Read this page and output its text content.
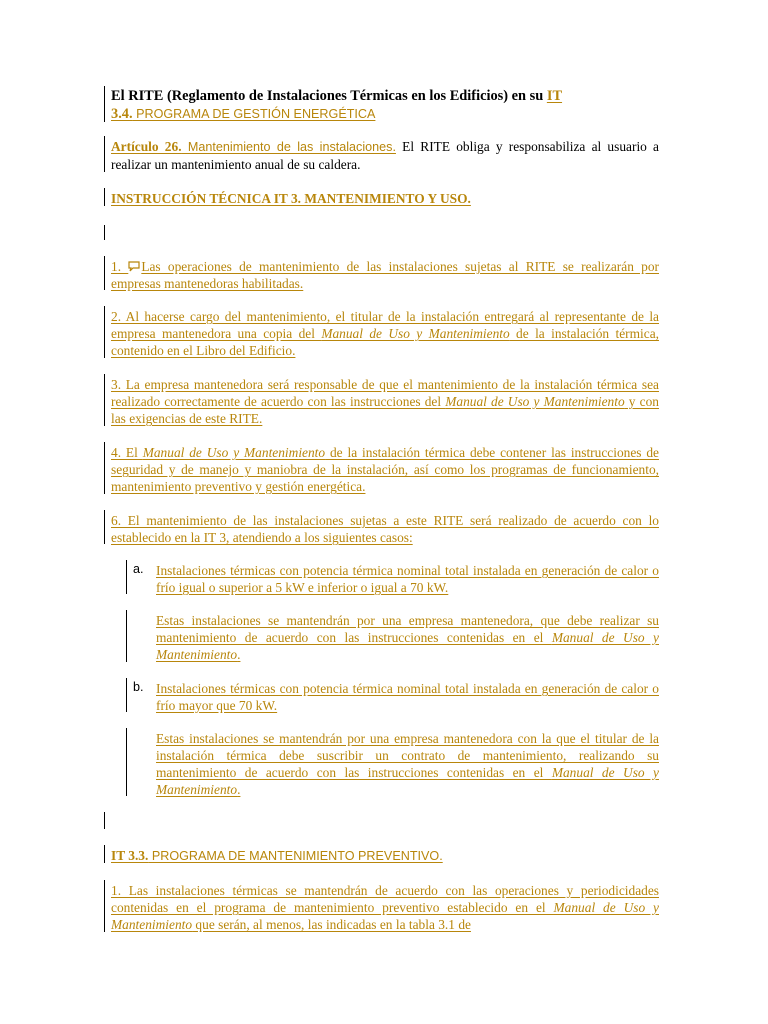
El RITE (Reglamento de Instalaciones Térmicas en los Edificios) en su IT
3.4. PROGRAMA DE GESTIÓN ENERGÉTICA
Artículo 26. Mantenimiento de las instalaciones. El RITE obliga y responsabiliza al usuario a realizar un mantenimiento anual de su caldera.
INSTRUCCIÓN TÉCNICA IT 3. MANTENIMIENTO Y USO.
1. Las operaciones de mantenimiento de las instalaciones sujetas al RITE se realizarán por empresas mantenedoras habilitadas.
2. Al hacerse cargo del mantenimiento, el titular de la instalación entregará al representante de la empresa mantenedora una copia del Manual de Uso y Mantenimiento de la instalación térmica, contenido en el Libro del Edificio.
3. La empresa mantenedora será responsable de que el mantenimiento de la instalación térmica sea realizado correctamente de acuerdo con las instrucciones del Manual de Uso y Mantenimiento y con las exigencias de este RITE.
4. El Manual de Uso y Mantenimiento de la instalación térmica debe contener las instrucciones de seguridad y de manejo y maniobra de la instalación, así como los programas de funcionamiento, mantenimiento preventivo y gestión energética.
6. El mantenimiento de las instalaciones sujetas a este RITE será realizado de acuerdo con lo establecido en la IT 3, atendiendo a los siguientes casos:
a. Instalaciones térmicas con potencia térmica nominal total instalada en generación de calor o frío igual o superior a 5 kW e inferior o igual a 70 kW.
Estas instalaciones se mantendrán por una empresa mantenedora, que debe realizar su mantenimiento de acuerdo con las instrucciones contenidas en el Manual de Uso y Mantenimiento.
b. Instalaciones térmicas con potencia térmica nominal total instalada en generación de calor o frío mayor que 70 kW.
Estas instalaciones se mantendrán por una empresa mantenedora con la que el titular de la instalación térmica debe suscribir un contrato de mantenimiento, realizando su mantenimiento de acuerdo con las instrucciones contenidas en el Manual de Uso y Mantenimiento.
IT 3.3. PROGRAMA DE MANTENIMIENTO PREVENTIVO.
1. Las instalaciones térmicas se mantendrán de acuerdo con las operaciones y periodicidades contenidas en el programa de mantenimiento preventivo establecido en el Manual de Uso y Mantenimiento que serán, al menos, las indicadas en la tabla 3.1 de
